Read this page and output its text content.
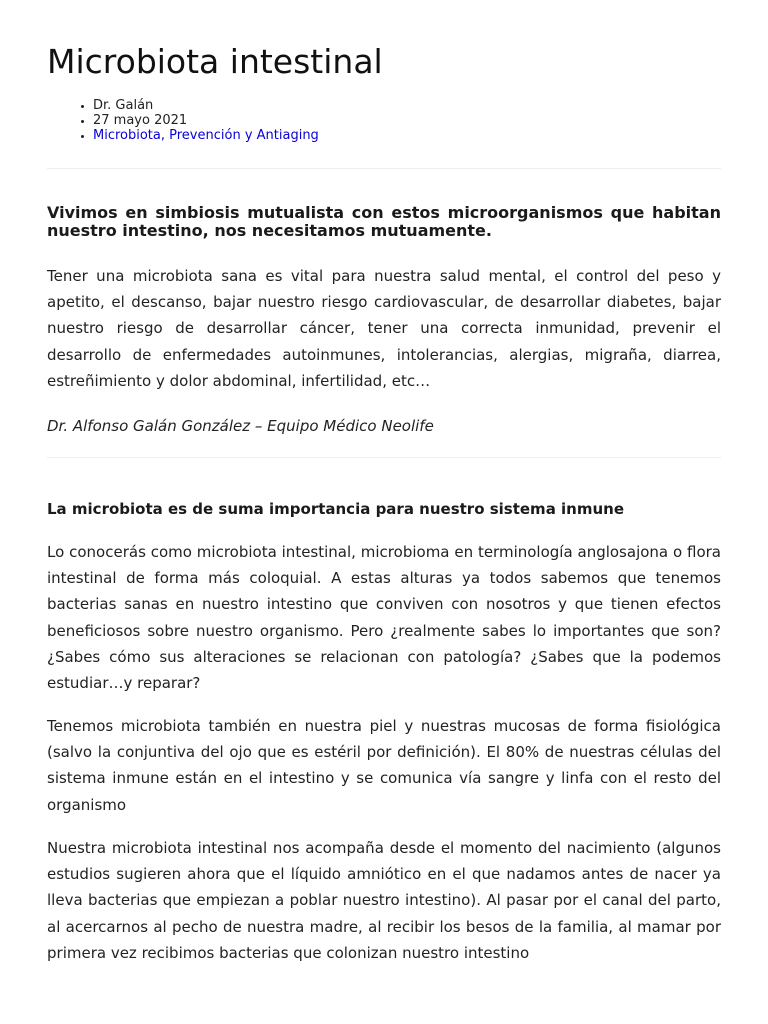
Microbiota intestinal
• Dr. Galán
• 27 mayo 2021
• Microbiota, Prevención y Antiaging

Vivimos en simbiosis mutualista con estos microorganismos que habitan nuestro intestino, nos necesitamos mutuamente.

Tener una microbiota sana es vital para nuestra salud mental, el control del peso y apetito, el descanso, bajar nuestro riesgo cardiovascular, de desarrollar diabetes, bajar nuestro riesgo de desarrollar cáncer, tener una correcta inmunidad, prevenir el desarrollo de enfermedades autoinmunes, intolerancias, alergias, migraña, diarrea, estreñimiento y dolor abdominal, infertilidad, etc…

Dr. Alfonso Galán González – Equipo Médico Neolife

La microbiota es de suma importancia para nuestro sistema inmune

Lo conocerás como microbiota intestinal, microbioma en terminología anglosajona o flora intestinal de forma más coloquial. A estas alturas ya todos sabemos que tenemos bacterias sanas en nuestro intestino que conviven con nosotros y que tienen efectos beneficiosos sobre nuestro organismo. Pero ¿realmente sabes lo importantes que son? ¿Sabes cómo sus alteraciones se relacionan con patología? ¿Sabes que la podemos estudiar…y reparar?

Tenemos microbiota también en nuestra piel y nuestras mucosas de forma fisiológica (salvo la conjuntiva del ojo que es estéril por definición). El 80% de nuestras células del sistema inmune están en el intestino y se comunica vía sangre y linfa con el resto del organismo

Nuestra microbiota intestinal nos acompaña desde el momento del nacimiento (algunos estudios sugieren ahora que el líquido amniótico en el que nadamos antes de nacer ya lleva bacterias que empiezan a poblar nuestro intestino). Al pasar por el canal del parto, al acercarnos al pecho de nuestra madre, al recibir los besos de la familia, al mamar por primera vez recibimos bacterias que colonizan nuestro intestino
